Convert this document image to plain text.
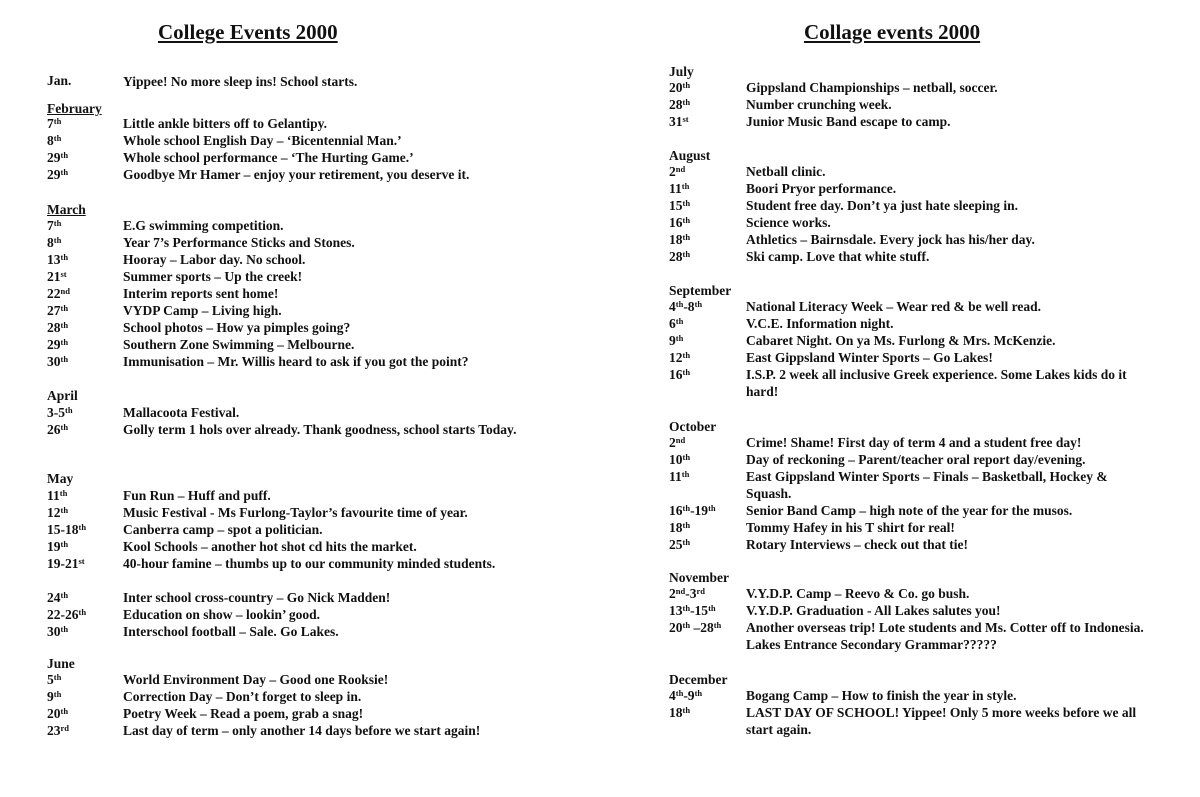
College Events 2000
Jan.	Yippee! No more sleep ins! School starts.
February
7th	Little ankle bitters off to Gelantipy.
8th	Whole school English Day – ‘Bicentennial Man.’
29th	Whole school performance – ‘The Hurting Game.’
29th	Goodbye Mr Hamer – enjoy your retirement, you deserve it.
March
7th	E.G swimming competition.
8th	Year 7’s Performance Sticks and Stones.
13th	Hooray – Labor day. No school.
21st	Summer sports – Up the creek!
22nd	Interim reports sent home!
27th	VYDP Camp – Living high.
28th	School photos – How ya pimples going?
29th	Southern Zone Swimming – Melbourne.
30th	Immunisation – Mr. Willis heard to ask if you got the point?
April
3-5th	Mallacoota Festival.
26th	Golly term 1 hols over already. Thank goodness, school starts Today.
May
11th	Fun Run – Huff and puff.
12th	Music Festival - Ms Furlong-Taylor’s favourite time of year.
15-18th	Canberra camp – spot a politician.
19th	Kool Schools – another hot shot cd hits the market.
19-21st	40-hour famine – thumbs up to our community minded students.
24th	Inter school cross-country – Go Nick Madden!
22-26th	Education on show – lookin’ good.
30th	Interschool football – Sale. Go Lakes.
June
5th	World Environment Day – Good one Rooksie!
9th	Correction Day – Don’t forget to sleep in.
20th	Poetry Week – Read a poem, grab a snag!
23rd	Last day of term – only another 14 days before we start again!
Collage events 2000
July
20th	Gippsland Championships – netball, soccer.
28th	Number crunching week.
31st	Junior Music Band escape to camp.
August
2nd	Netball clinic.
11th	Boori Pryor performance.
15th	Student free day. Don’t ya just hate sleeping in.
16th	Science works.
18th	Athletics – Bairnsdale. Every jock has his/her day.
28th	Ski camp. Love that white stuff.
September
4th-8th	National Literacy Week – Wear red & be well read.
6th	V.C.E. Information night.
9th	Cabaret Night. On ya Ms. Furlong & Mrs. McKenzie.
12th	East Gippsland Winter Sports – Go Lakes!
16th	I.S.P. 2 week all inclusive Greek experience. Some Lakes kids do it hard!
October
2nd	Crime! Shame! First day of term 4 and a student free day!
10th	Day of reckoning – Parent/teacher oral report day/evening.
11th	East Gippsland Winter Sports – Finals – Basketball, Hockey & Squash.
16th-19th Senior Band Camp – high note of the year for the musos.
18th	Tommy Hafey in his T shirt for real!
25th	Rotary Interviews – check out that tie!
November
2nd-3rd	V.Y.D.P. Camp – Reevo & Co. go bush.
13th-15th V.Y.D.P. Graduation - All Lakes salutes you!
20th –28th Another overseas trip! Lote students and Ms. Cotter off to Indonesia. Lakes Entrance Secondary Grammar?????
December
4th-9th	Bogang Camp – How to finish the year in style.
18th	LAST DAY OF SCHOOL! Yippee! Only 5 more weeks before we all start again.
